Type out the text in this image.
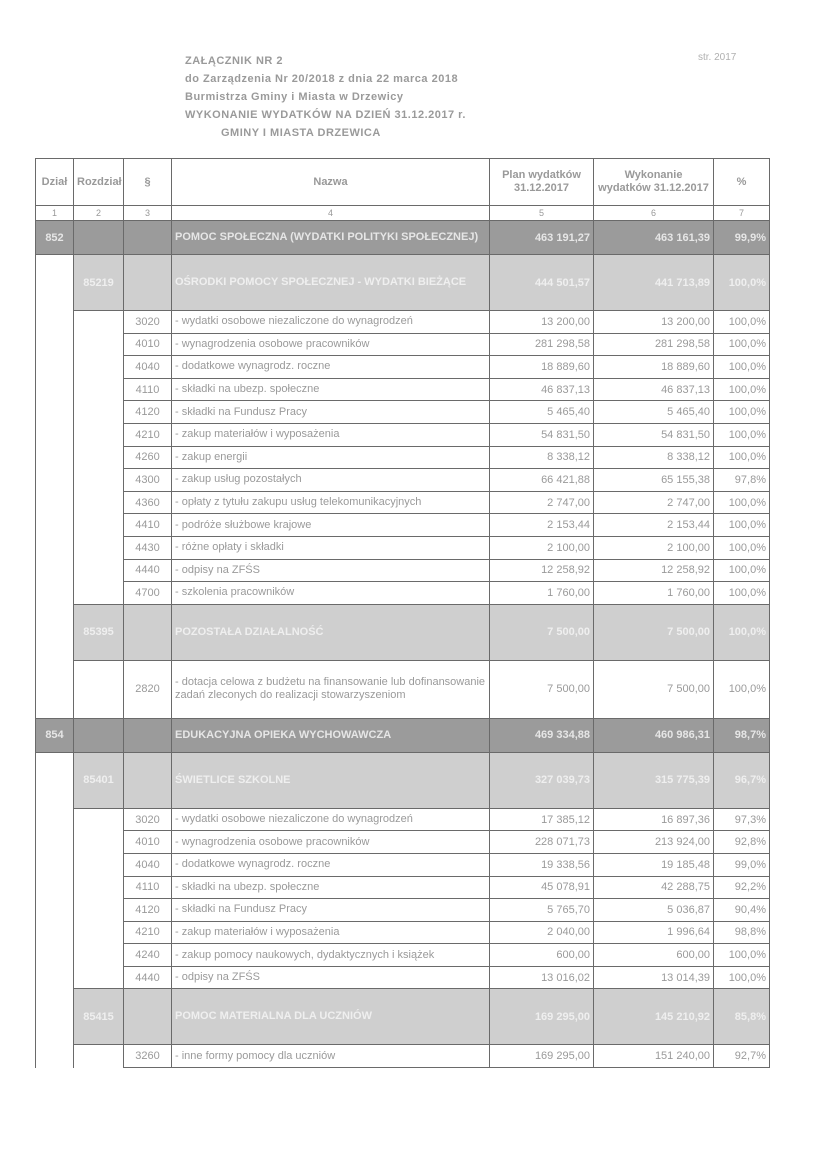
ZAŁĄCZNIK NR 2
do Zarządzenia Nr 20/2018 z dnia 22 marca 2018
Burmistrza Gminy i Miasta w Drzewicy
WYKONANIE WYDATKÓW NA DZIEŃ 31.12.2017 r.
GMINY I MIASTA DRZEWICA
str. 2017
Dział	Rozdział	§	Nazwa	Plan wydatków 31.12.2017	Wykonanie wydatków 31.12.2017	%
1	2	3	4	5	6	7
852			POMOC SPOŁECZNA (WYDATKI POLITYKI SPOŁECZNEJ)	463 191,27	463 161,39	99,9%
	85219		OŚRODKI POMOCY SPOŁECZNEJ - WYDATKI BIEŻĄCE	444 501,57	441 713,89	100,0%
		3020	- wydatki osobowe niezaliczone do wynagrodzeń	13 200,00	13 200,00	100,0%
		4010	- wynagrodzenia osobowe pracowników	281 298,58	281 298,58	100,0%
		4040	- dodatkowe wynagrodz. roczne	18 889,60	18 889,60	100,0%
		4110	- składki na ubezp. społeczne	46 837,13	46 837,13	100,0%
		4120	- składki na Fundusz Pracy	5 465,40	5 465,40	100,0%
		4210	- zakup materiałów i wyposażenia	54 831,50	54 831,50	100,0%
		4260	- zakup energii	8 338,12	8 338,12	100,0%
		4300	- zakup usług pozostałych	66 421,88	65 155,38	97,8%
		4360	- opłaty z tytułu zakupu usług telekomunikacyjnych	2 747,00	2 747,00	100,0%
		4410	- podróże służbowe krajowe	2 153,44	2 153,44	100,0%
		4430	- różne opłaty i składki	2 100,00	2 100,00	100,0%
		4440	- odpisy na ZFŚS	12 258,92	12 258,92	100,0%
		4700	- szkolenia pracowników	1 760,00	1 760,00	100,0%
	85395		POZOSTAŁA DZIAŁALNOŚĆ	7 500,00	7 500,00	100,0%
		2820	- dotacja celowa z budżetu na finansowanie lub dofinansowanie zadań zleconych do realizacji stowarzyszeniom	7 500,00	7 500,00	100,0%
854			EDUKACYJNA OPIEKA WYCHOWAWCZA	469 334,88	460 986,31	98,7%
	85401		ŚWIETLICE SZKOLNE	327 039,73	315 775,39	96,7%
		3020	- wydatki osobowe niezaliczone do wynagrodzeń	17 385,12	16 897,36	97,3%
		4010	- wynagrodzenia osobowe pracowników	228 071,73	213 924,00	92,8%
		4040	- dodatkowe wynagrodz. roczne	19 338,56	19 185,48	99,0%
		4110	- składki na ubezp. społeczne	45 078,91	42 288,75	92,2%
		4120	- składki na Fundusz Pracy	5 765,70	5 036,87	90,4%
		4210	- zakup materiałów i wyposażenia	2 040,00	1 996,64	98,8%
		4240	- zakup pomocy naukowych, dydaktycznych i książek	600,00	600,00	100,0%
		4440	- odpisy na ZFŚS	13 016,02	13 014,39	100,0%
	85415		POMOC MATERIALNA DLA UCZNIÓW	169 295,00	145 210,92	85,8%
		3260	- inne formy pomocy dla uczniów	169 295,00	151 240,00	92,7%
